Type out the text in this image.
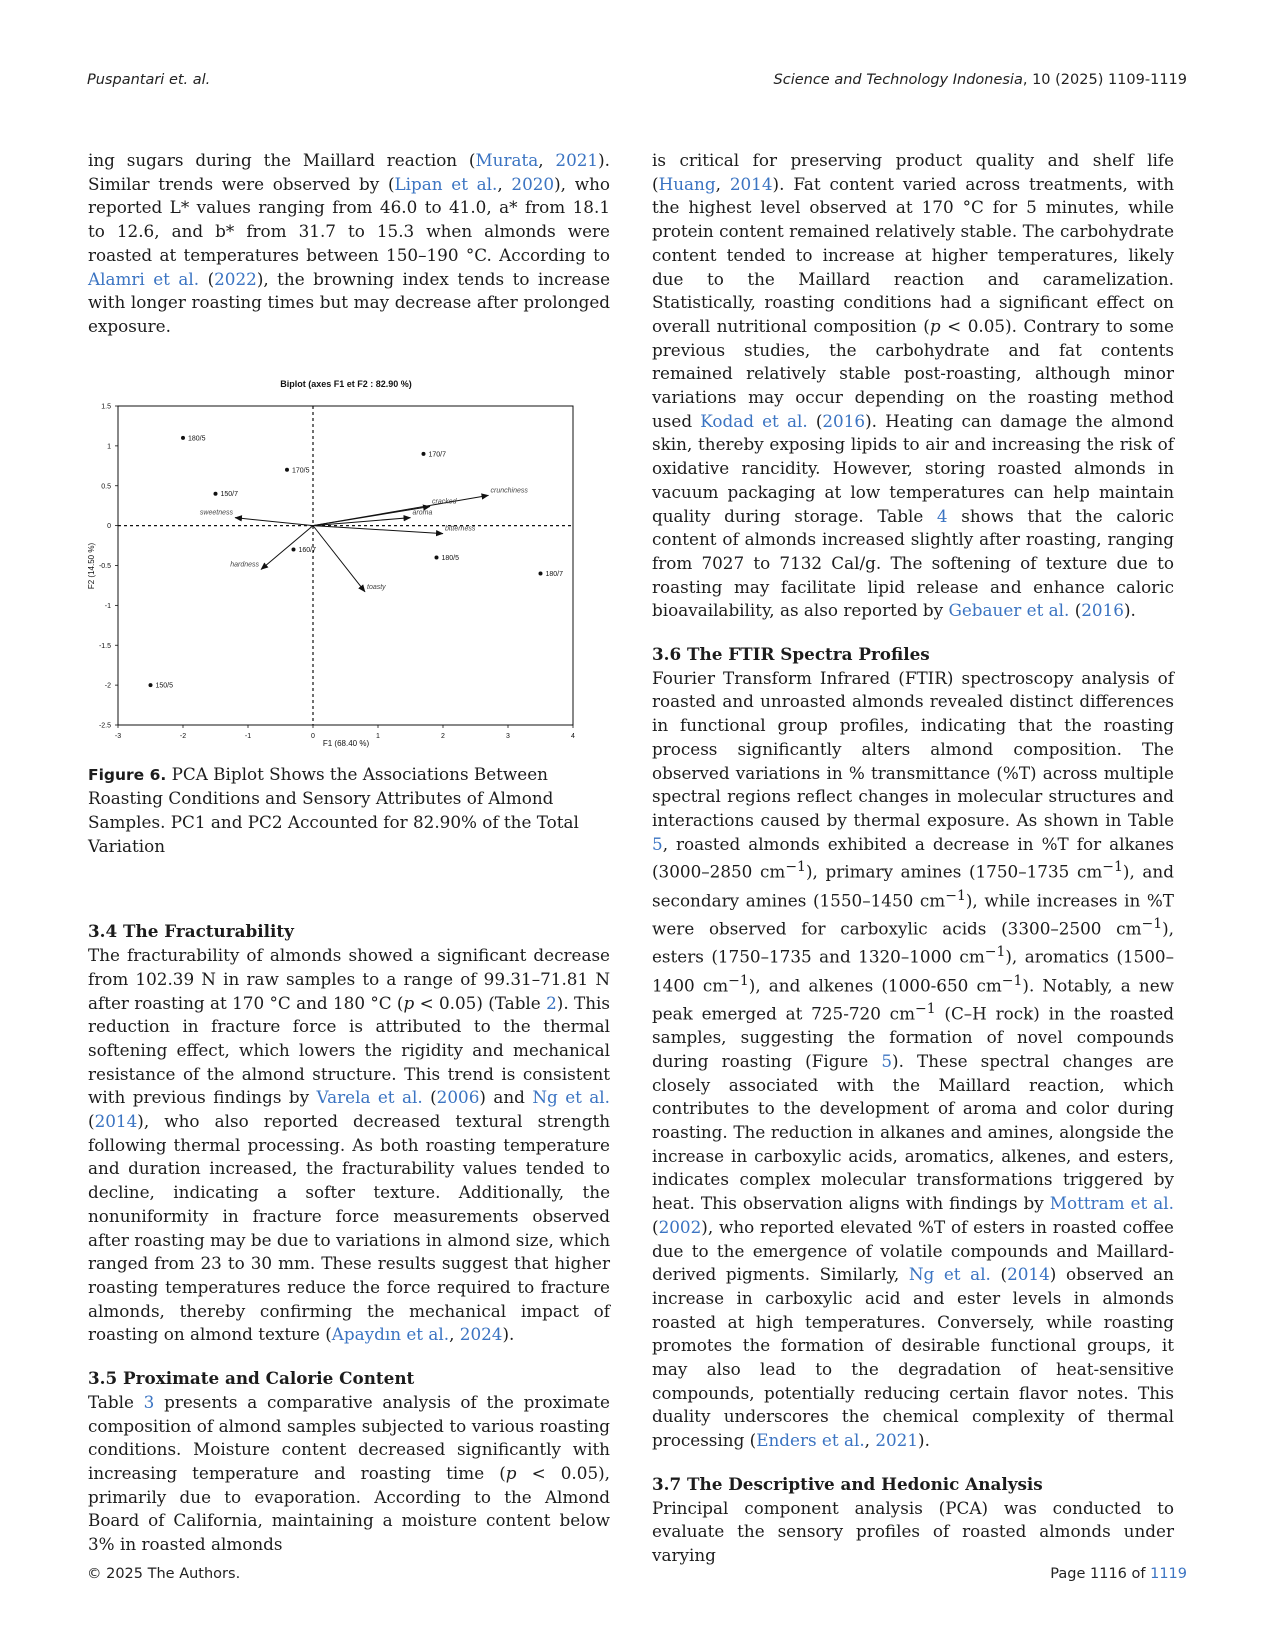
Puspantari et. al.	Science and Technology Indonesia, 10 (2025) 1109-1119

ing sugars during the Maillard reaction (Murata, 2021). Similar trends were observed by (Lipan et al., 2020), who reported L* values ranging from 46.0 to 41.0, a* from 18.1 to 12.6, and b* from 31.7 to 15.3 when almonds were roasted at temperatures between 150–190 °C. According to Alamri et al. (2022), the browning index tends to increase with longer roasting times but may decrease after prolonged exposure.

Biplot (axes F1 et F2 : 82.90 %)
-3	-2	-1	0	1	2	3	4
1.5
1
0.5
0
-0.5
-1
-1.5
-2
-2.5
crunchiness
cracked
aroma
bitterness
sweetness
hardness
toasty
180/5
170/7
170/5
150/7
160/7
180/5
180/7
150/5
F1 (68.40 %)
F2 (14.50 %)
Figure 6. PCA Biplot Shows the Associations Between Roasting Conditions and Sensory Attributes of Almond Samples. PC1 and PC2 Accounted for 82.90% of the Total Variation
3.4 The Fracturability

The fracturability of almonds showed a significant decrease from 102.39 N in raw samples to a range of 99.31–71.81 N after roasting at 170 °C and 180 °C (p < 0.05) (Table 2). This reduction in fracture force is attributed to the thermal softening effect, which lowers the rigidity and mechanical resistance of the almond structure. This trend is consistent with previous findings by Varela et al. (2006) and Ng et al. (2014), who also reported decreased textural strength following thermal processing. As both roasting temperature and duration increased, the fracturability values tended to decline, indicating a softer texture. Additionally, the nonuniformity in fracture force measurements observed after roasting may be due to variations in almond size, which ranged from 23 to 30 mm. These results suggest that higher roasting temperatures reduce the force required to fracture almonds, thereby confirming the mechanical impact of roasting on almond texture (Apaydın et al., 2024).

3.5 Proximate and Calorie Content

Table 3 presents a comparative analysis of the proximate composition of almond samples subjected to various roasting conditions. Moisture content decreased significantly with increasing temperature and roasting time (p < 0.05), primarily due to evaporation. According to the Almond Board of California, maintaining a moisture content below 3% in roasted almonds

is critical for preserving product quality and shelf life (Huang, 2014). Fat content varied across treatments, with the highest level observed at 170 °C for 5 minutes, while protein content remained relatively stable. The carbohydrate content tended to increase at higher temperatures, likely due to the Maillard reaction and caramelization. Statistically, roasting conditions had a significant effect on overall nutritional composition (p < 0.05). Contrary to some previous studies, the carbohydrate and fat contents remained relatively stable post-roasting, although minor variations may occur depending on the roasting method used Kodad et al. (2016). Heating can damage the almond skin, thereby exposing lipids to air and increasing the risk of oxidative rancidity. However, storing roasted almonds in vacuum packaging at low temperatures can help maintain quality during storage. Table 4 shows that the caloric content of almonds increased slightly after roasting, ranging from 7027 to 7132 Cal/g. The softening of texture due to roasting may facilitate lipid release and enhance caloric bioavailability, as also reported by Gebauer et al. (2016).

3.6 The FTIR Spectra Profiles

Fourier Transform Infrared (FTIR) spectroscopy analysis of roasted and unroasted almonds revealed distinct differences in functional group profiles, indicating that the roasting process significantly alters almond composition. The observed variations in % transmittance (%T) across multiple spectral regions reflect changes in molecular structures and interactions caused by thermal exposure. As shown in Table 5, roasted almonds exhibited a decrease in %T for alkanes (3000–2850 $cm^{-1}$), primary amines (1750–1735 $cm^{-1}$), and secondary amines (1550–1450 $cm^{-1}$), while increases in %T were observed for carboxylic acids (3300–2500 $cm^{-1}$), esters (1750–1735 and 1320–1000 $cm^{-1}$), aromatics (1500–1400 $cm^{-1}$), and alkenes (1000-650 $cm^{-1}$). Notably, a new peak emerged at 725-720 $cm^{-1}$ (C–H rock) in the roasted samples, suggesting the formation of novel compounds during roasting (Figure 5). These spectral changes are closely associated with the Maillard reaction, which contributes to the development of aroma and color during roasting. The reduction in alkanes and amines, alongside the increase in carboxylic acids, aromatics, alkenes, and esters, indicates complex molecular transformations triggered by heat. This observation aligns with findings by Mottram et al. (2002), who reported elevated %T of esters in roasted coffee due to the emergence of volatile compounds and Maillard-derived pigments. Similarly, Ng et al. (2014) observed an increase in carboxylic acid and ester levels in almonds roasted at high temperatures. Conversely, while roasting promotes the formation of desirable functional groups, it may also lead to the degradation of heat-sensitive compounds, potentially reducing certain flavor notes. This duality underscores the chemical complexity of thermal processing (Enders et al., 2021).

3.7 The Descriptive and Hedonic Analysis

Principal component analysis (PCA) was conducted to evaluate the sensory profiles of roasted almonds under varying

© 2025 The Authors.	Page 1116 of 1119
